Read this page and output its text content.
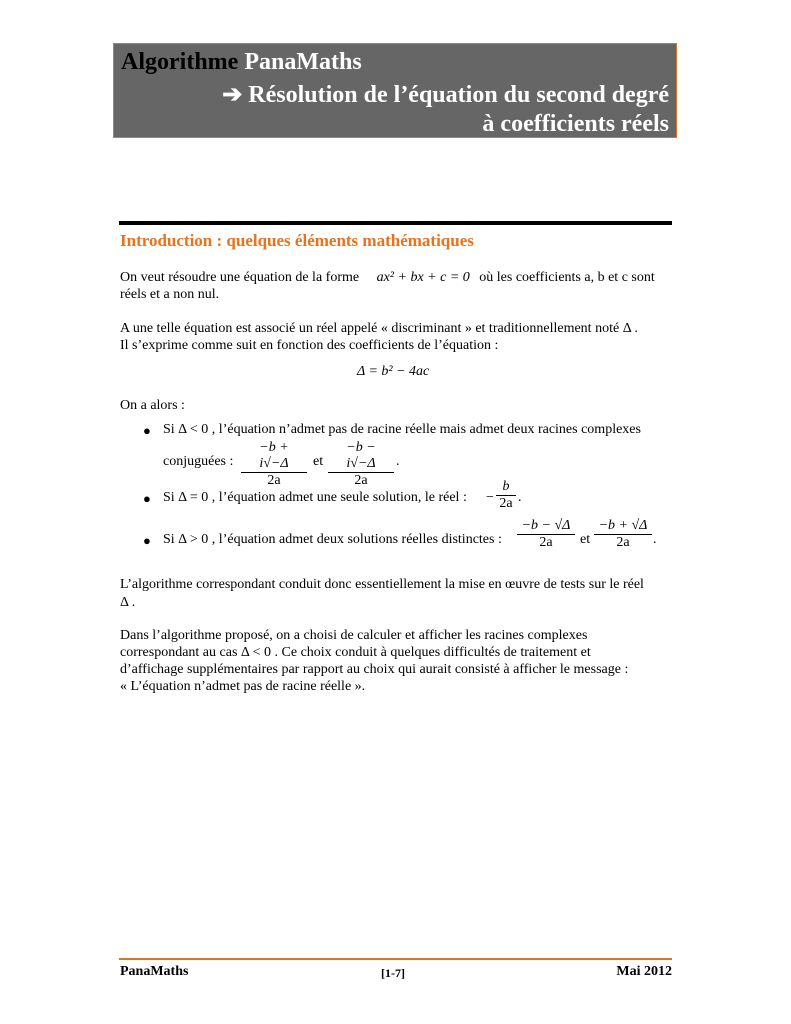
Algorithme PanaMaths
➔ Résolution de l’équation du second degré
à coefficients réels
Introduction : quelques éléments mathématiques
On veut résoudre une équation de la forme ax² + bx + c = 0 où les coefficients a, b et c sont
réels et a non nul.
A une telle équation est associé un réel appelé « discriminant » et traditionnellement noté Δ .
Il s’exprime comme suit en fonction des coefficients de l’équation :
Δ = b² − 4ac
On a alors :
● Si Δ < 0 , l’équation n’admet pas de racine réelle mais admet deux racines complexes
conjuguées :
−b + i√−Δ
2a
et
−b − i√−Δ
2a
.
● Si Δ = 0 , l’équation admet une seule solution, le réel : −
b
2a .
● Si Δ > 0 , l’équation admet deux solutions réelles distinctes :
−b − √Δ
2a	et
−b + √Δ
2a	.
L’algorithme correspondant conduit donc essentiellement la mise en œuvre de tests sur le réel
Δ .
Dans l’algorithme proposé, on a choisi de calculer et afficher les racines complexes
correspondant au cas Δ < 0 . Ce choix conduit à quelques difficultés de traitement et
d’affichage supplémentaires par rapport au choix qui aurait consisté à afficher le message :
« L’équation n’admet pas de racine réelle ».
PanaMaths	[1-7]	Mai 2012
